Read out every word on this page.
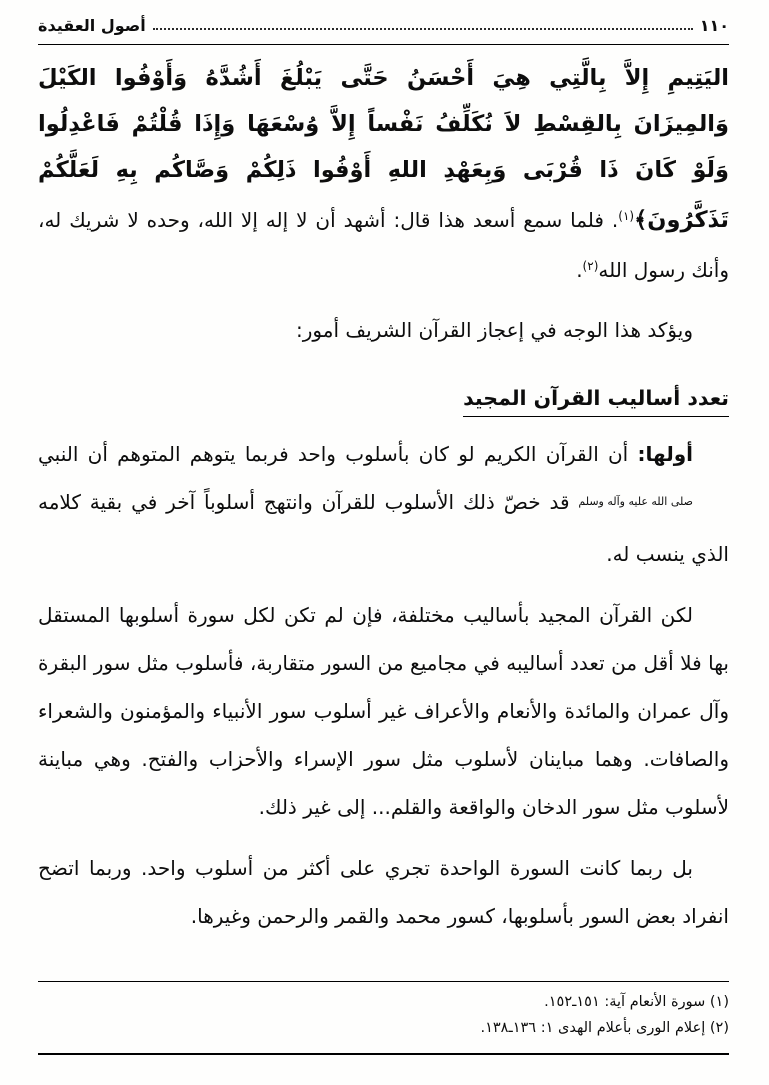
١١٠
أصول العقيدة

اليَتِيمِ إِلاَّ بِالَّتِي هِيَ أَحْسَنُ حَتَّى يَبْلُغَ أَشُدَّهُ وَأَوْفُوا الكَيْلَ وَالمِيزَانَ بِالقِسْطِ لاَ نُكَلِّفُ نَفْساً إِلاَّ وُسْعَهَا وَإِذَا قُلْتُمْ فَاعْدِلُوا وَلَوْ كَانَ ذَا قُرْبَى وَبِعَهْدِ اللهِ أَوْفُوا ذَلِكُمْ وَصَّاكُم بِهِ لَعَلَّكُمْ تَذَكَّرُونَ﴾$^{(١)}$. فلما سمع أسعد هذا قال: أشهد أن لا إله إلا الله، وحده لا شريك له، وأنك رسول الله$^{(٢)}$.

ويؤكد هذا الوجه في إعجاز القرآن الشريف أمور:

تعدد أساليب القرآن المجيد

أولها: أن القرآن الكريم لو كان بأسلوب واحد فربما يتوهم المتوهم أن النبي صلى الله عليه وآله وسلم قد خصّ ذلك الأسلوب للقرآن وانتهج أسلوباً آخر في بقية كلامه الذي ينسب له.

لكن القرآن المجيد بأساليب مختلفة، فإن لم تكن لكل سورة أسلوبها المستقل بها فلا أقل من تعدد أساليبه في مجاميع من السور متقاربة، فأسلوب مثل سور البقرة وآل عمران والمائدة والأنعام والأعراف غير أسلوب سور الأنبياء والمؤمنون والشعراء والصافات. وهما مباينان لأسلوب مثل سور الإسراء والأحزاب والفتح. وهي مباينة لأسلوب مثل سور الدخان والواقعة والقلم... إلى غير ذلك.

بل ربما كانت السورة الواحدة تجري على أكثر من أسلوب واحد. وربما اتضح انفراد بعض السور بأسلوبها، كسور محمد والقمر والرحمن وغيرها.

(١) سورة الأنعام آية: ١٥١ـ١٥٢.
(٢) إعلام الورى بأعلام الهدى ١: ١٣٦ـ١٣٨.
